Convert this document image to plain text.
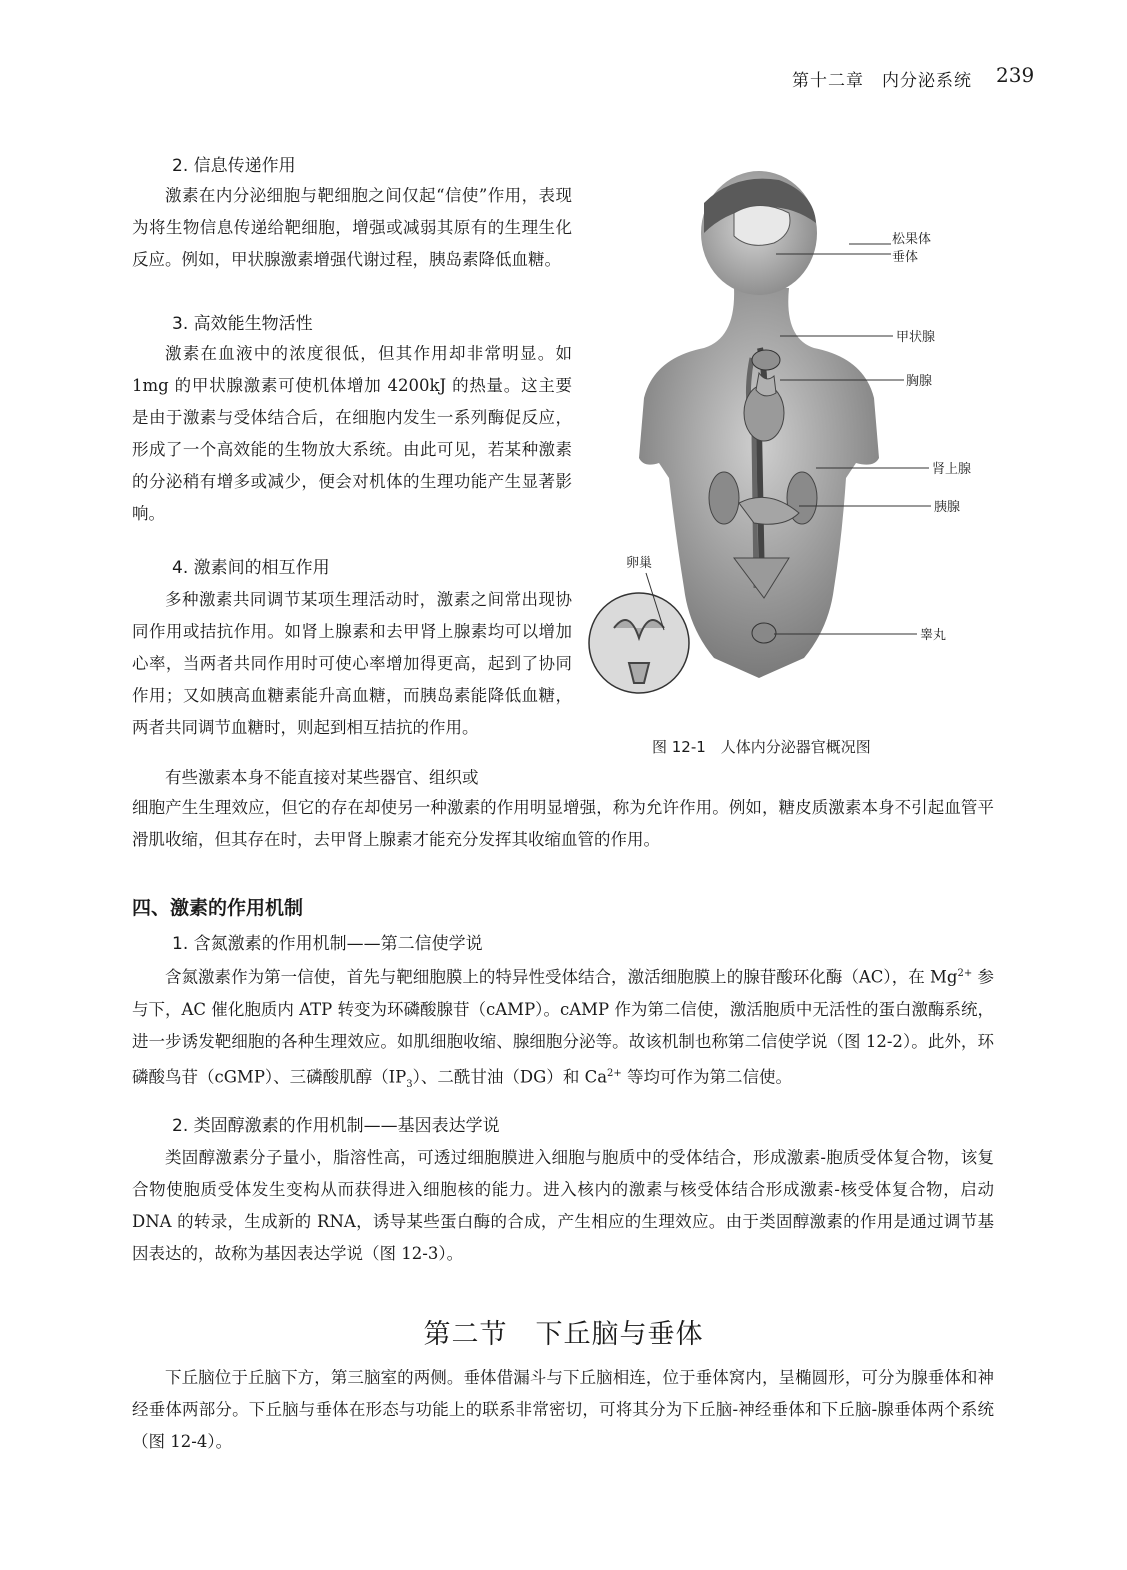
第十二章　内分泌系统 239
2. 信息传递作用

激素在内分泌细胞与靶细胞之间仅起“信使”作用，表现为将生物信息传递给靶细胞，增强或减弱其原有的生理生化反应。例如，甲状腺激素增强代谢过程，胰岛素降低血糖。

3. 高效能生物活性

激素在血液中的浓度很低，但其作用却非常明显。如 1mg 的甲状腺激素可使机体增加 4200kJ 的热量。这主要是由于激素与受体结合后，在细胞内发生一系列酶促反应，形成了一个高效能的生物放大系统。由此可见，若某种激素的分泌稍有增多或减少，便会对机体的生理功能产生显著影响。

4. 激素间的相互作用

多种激素共同调节某项生理活动时，激素之间常出现协同作用或拮抗作用。如肾上腺素和去甲肾上腺素均可以增加心率，当两者共同作用时可使心率增加得更高，起到了协同作用；又如胰高血糖素能升高血糖，而胰岛素能降低血糖，两者共同调节血糖时，则起到相互拮抗的作用。

有些激素本身不能直接对某些器官、组织或

细胞产生生理效应，但它的存在却使另一种激素的作用明显增强，称为允许作用。例如，糖皮质激素本身不引起血管平滑肌收缩，但其存在时，去甲肾上腺素才能充分发挥其收缩血管的作用。

松果体
垂体
甲状腺
胸腺
肾上腺
胰腺
卵巢
睾丸
图 12-1　人体内分泌器官概况图
四、激素的作用机制
1. 含氮激素的作用机制——第二信使学说

含氮激素作为第一信使，首先与靶细胞膜上的特异性受体结合，激活细胞膜上的腺苷酸环化酶（AC），在 $Mg^{2+}$ 参与下，AC 催化胞质内 ATP 转变为环磷酸腺苷（cAMP）。cAMP 作为第二信使，激活胞质中无活性的蛋白激酶系统，进一步诱发靶细胞的各种生理效应。如肌细胞收缩、腺细胞分泌等。故该机制也称第二信使学说（图 12-2）。此外，环磷酸鸟苷（cGMP）、三磷酸肌醇$(IP_3)$、二酰甘油（DG）和 $Ca^{2+}$ 等均可作为第二信使。

2. 类固醇激素的作用机制——基因表达学说

类固醇激素分子量小，脂溶性高，可透过细胞膜进入细胞与胞质中的受体结合，形成激素-胞质受体复合物，该复合物使胞质受体发生变构从而获得进入细胞核的能力。进入核内的激素与核受体结合形成激素-核受体复合物，启动 DNA 的转录，生成新的 RNA，诱导某些蛋白酶的合成，产生相应的生理效应。由于类固醇激素的作用是通过调节基因表达的，故称为基因表达学说（图 12-3）。

第二节　下丘脑与垂体

下丘脑位于丘脑下方，第三脑室的两侧。垂体借漏斗与下丘脑相连，位于垂体窝内，呈椭圆形，可分为腺垂体和神经垂体两部分。下丘脑与垂体在形态与功能上的联系非常密切，可将其分为下丘脑-神经垂体和下丘脑-腺垂体两个系统（图 12-4）。
